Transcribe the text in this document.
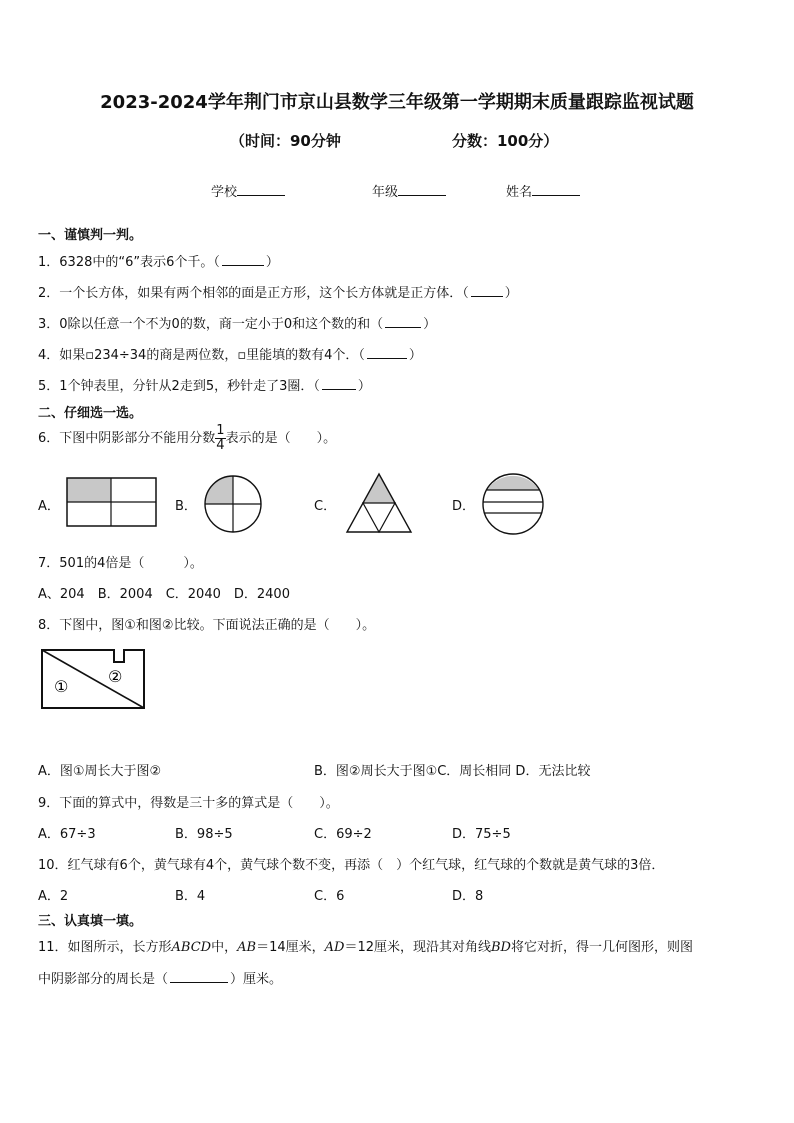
2023-2024学年荆门市京山县数学三年级第一学期期末质量跟踪监视试题
（时间：90分钟	分数：100分）
学校	年级	姓名
一、谨慎判一判。
1．6328中的“6”表示6个千。（	）
2．一个长方体，如果有两个相邻的面是正方形，这个长方体就是正方体．（	）
3．0除以任意一个不为0的数，商一定小于0和这个数的和（	）
4．如果▫234÷34的商是两位数，▫里能填的数有4个．（	）
5．1个钟表里，分针从2走到5，秒针走了3圈．（	）
二、仔细选一选。
6．下图中阴影部分不能用分数 $\frac{1}{4}$ 表示的是（　　）。
A．	B．	C．	D．
7．501的4倍是（　　　）。
A、204　B．2004　C．2040　D．2400
8．下图中，图①和图②比较。下面说法正确的是（　　）。
①
②
A．图①周长大于图②	B．图②周长大于图①C．周长相同 D．无法比较
9．下面的算式中，得数是三十多的算式是（　　）。
A．67÷3	B．98÷5	C．69÷2	D．75÷5
10．红气球有6个，黄气球有4个，黄气球个数不变，再添（　）个红气球，红气球的个数就是黄气球的3倍．
A．2	B．4	C．6	D．8
三、认真填一填。
11．如图所示，长方形ABCD中，AB＝14厘米，AD＝12厘米，现沿其对角线BD将它对折，得一几何图形，则图
中阴影部分的周长是（	）厘米。
